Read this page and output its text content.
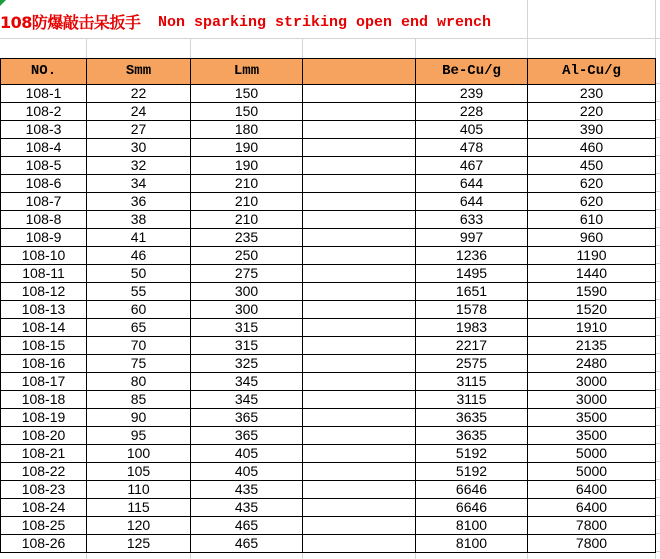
108防爆敲击呆扳手 Non sparking striking open end wrench
NO.	Smm	Lmm		Be-Cu/g	Al-Cu/g
108-1	22	150		239	230
108-2	24	150		228	220
108-3	27	180		405	390
108-4	30	190		478	460
108-5	32	190		467	450
108-6	34	210		644	620
108-7	36	210		644	620
108-8	38	210		633	610
108-9	41	235		997	960
108-10	46	250		1236	1190
108-11	50	275		1495	1440
108-12	55	300		1651	1590
108-13	60	300		1578	1520
108-14	65	315		1983	1910
108-15	70	315		2217	2135
108-16	75	325		2575	2480
108-17	80	345		3115	3000
108-18	85	345		3115	3000
108-19	90	365		3635	3500
108-20	95	365		3635	3500
108-21	100	405		5192	5000
108-22	105	405		5192	5000
108-23	110	435		6646	6400
108-24	115	435		6646	6400
108-25	120	465		8100	7800
108-26	125	465		8100	7800
